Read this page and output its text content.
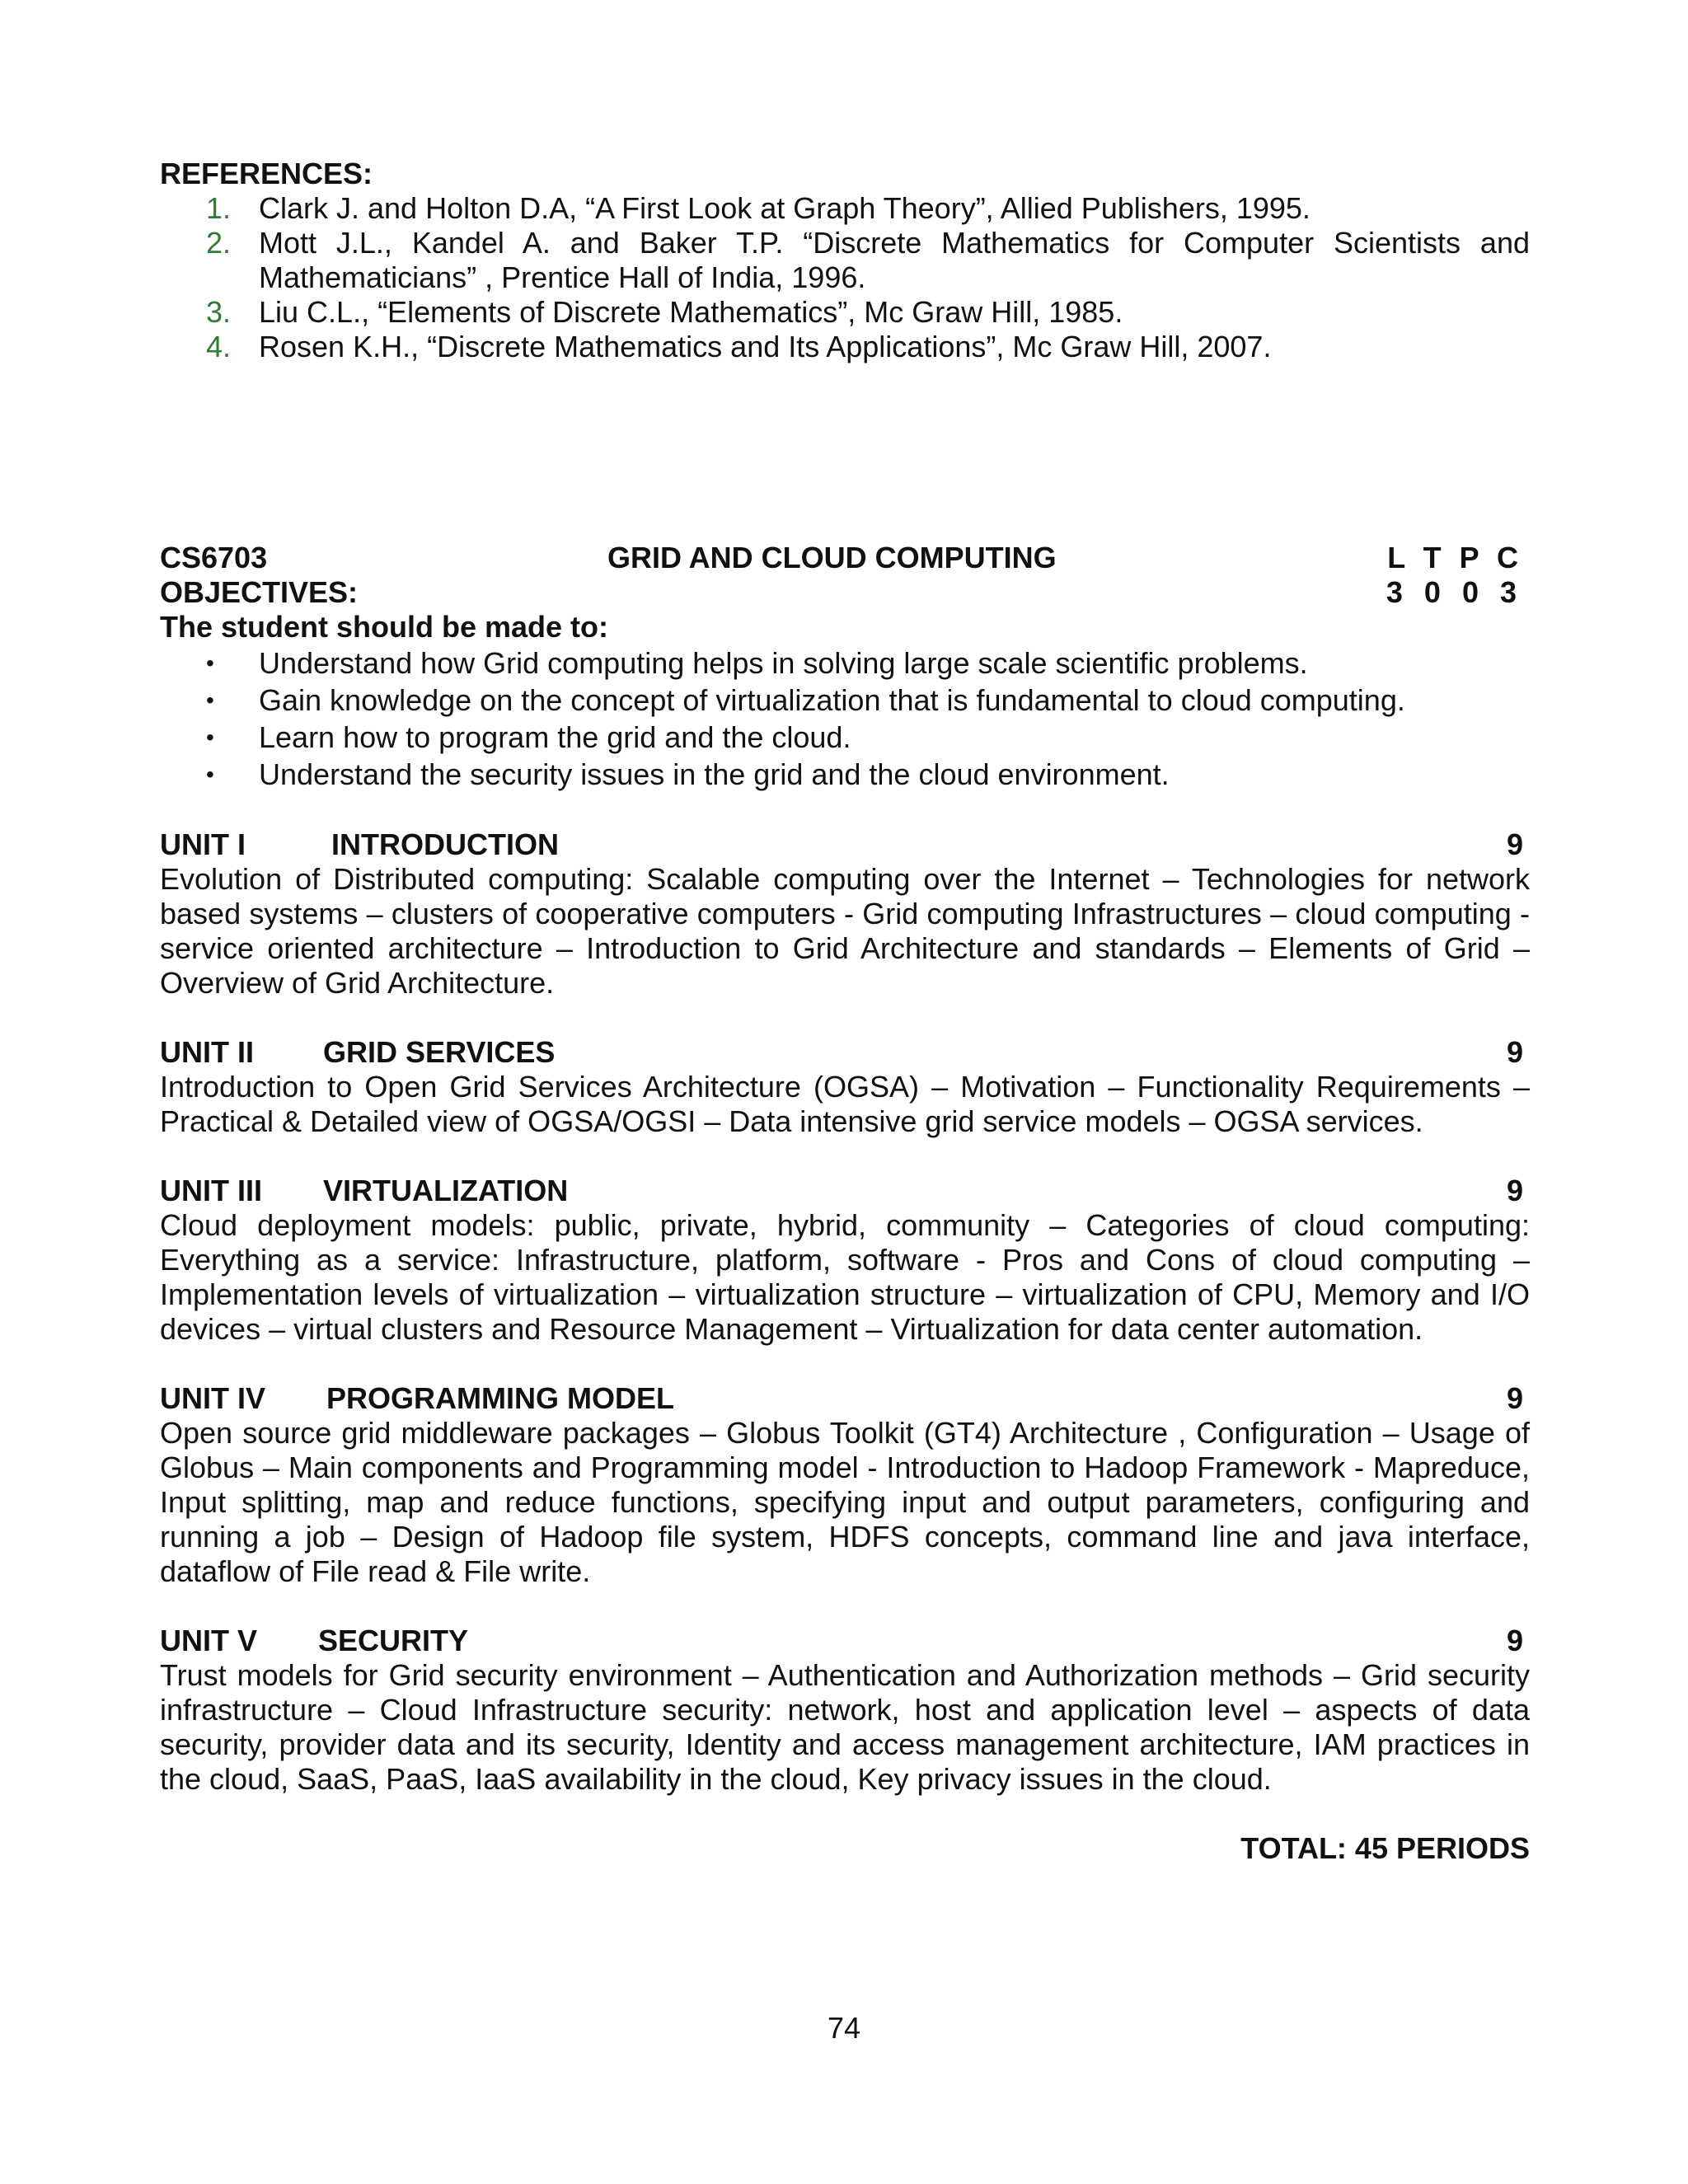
REFERENCES:
1. Clark J. and Holton D.A, “A First Look at Graph Theory”, Allied Publishers, 1995.
2. Mott J.L., Kandel A. and Baker T.P. “Discrete Mathematics for Computer Scientists and Mathematicians” , Prentice Hall of India, 1996.
3. Liu C.L., “Elements of Discrete Mathematics”, Mc Graw Hill, 1985.
4. Rosen K.H., “Discrete Mathematics and Its Applications”, Mc Graw Hill, 2007.
CS6703	GRID AND CLOUD COMPUTING	L T P C
OBJECTIVES:	3 0 0 3
The student should be made to:
• Understand how Grid computing helps in solving large scale scientific problems.
• Gain knowledge on the concept of virtualization that is fundamental to cloud computing.
• Learn how to program the grid and the cloud.
• Understand the security issues in the grid and the cloud environment.
UNIT I	INTRODUCTION	9
Evolution of Distributed computing: Scalable computing over the Internet – Technologies for network based systems – clusters of cooperative computers - Grid computing Infrastructures – cloud computing - service oriented architecture – Introduction to Grid Architecture and standards – Elements of Grid – Overview of Grid Architecture.
UNIT II GRID SERVICES	9
Introduction to Open Grid Services Architecture (OGSA) – Motivation – Functionality Requirements – Practical & Detailed view of OGSA/OGSI – Data intensive grid service models – OGSA services.
UNIT III VIRTUALIZATION	9
Cloud deployment models: public, private, hybrid, community – Categories of cloud computing: Everything as a service: Infrastructure, platform, software - Pros and Cons of cloud computing – Implementation levels of virtualization – virtualization structure – virtualization of CPU, Memory and I/O devices – virtual clusters and Resource Management – Virtualization for data center automation.
UNIT IV PROGRAMMING MODEL	9
Open source grid middleware packages – Globus Toolkit (GT4) Architecture , Configuration – Usage of Globus – Main components and Programming model - Introduction to Hadoop Framework - Mapreduce, Input splitting, map and reduce functions, specifying input and output parameters, configuring and running a job – Design of Hadoop file system, HDFS concepts, command line and java interface, dataflow of File read & File write.
UNIT V SECURITY	9
Trust models for Grid security environment – Authentication and Authorization methods – Grid security infrastructure – Cloud Infrastructure security: network, host and application level – aspects of data security, provider data and its security, Identity and access management architecture, IAM practices in the cloud, SaaS, PaaS, IaaS availability in the cloud, Key privacy issues in the cloud.
TOTAL: 45 PERIODS
74
